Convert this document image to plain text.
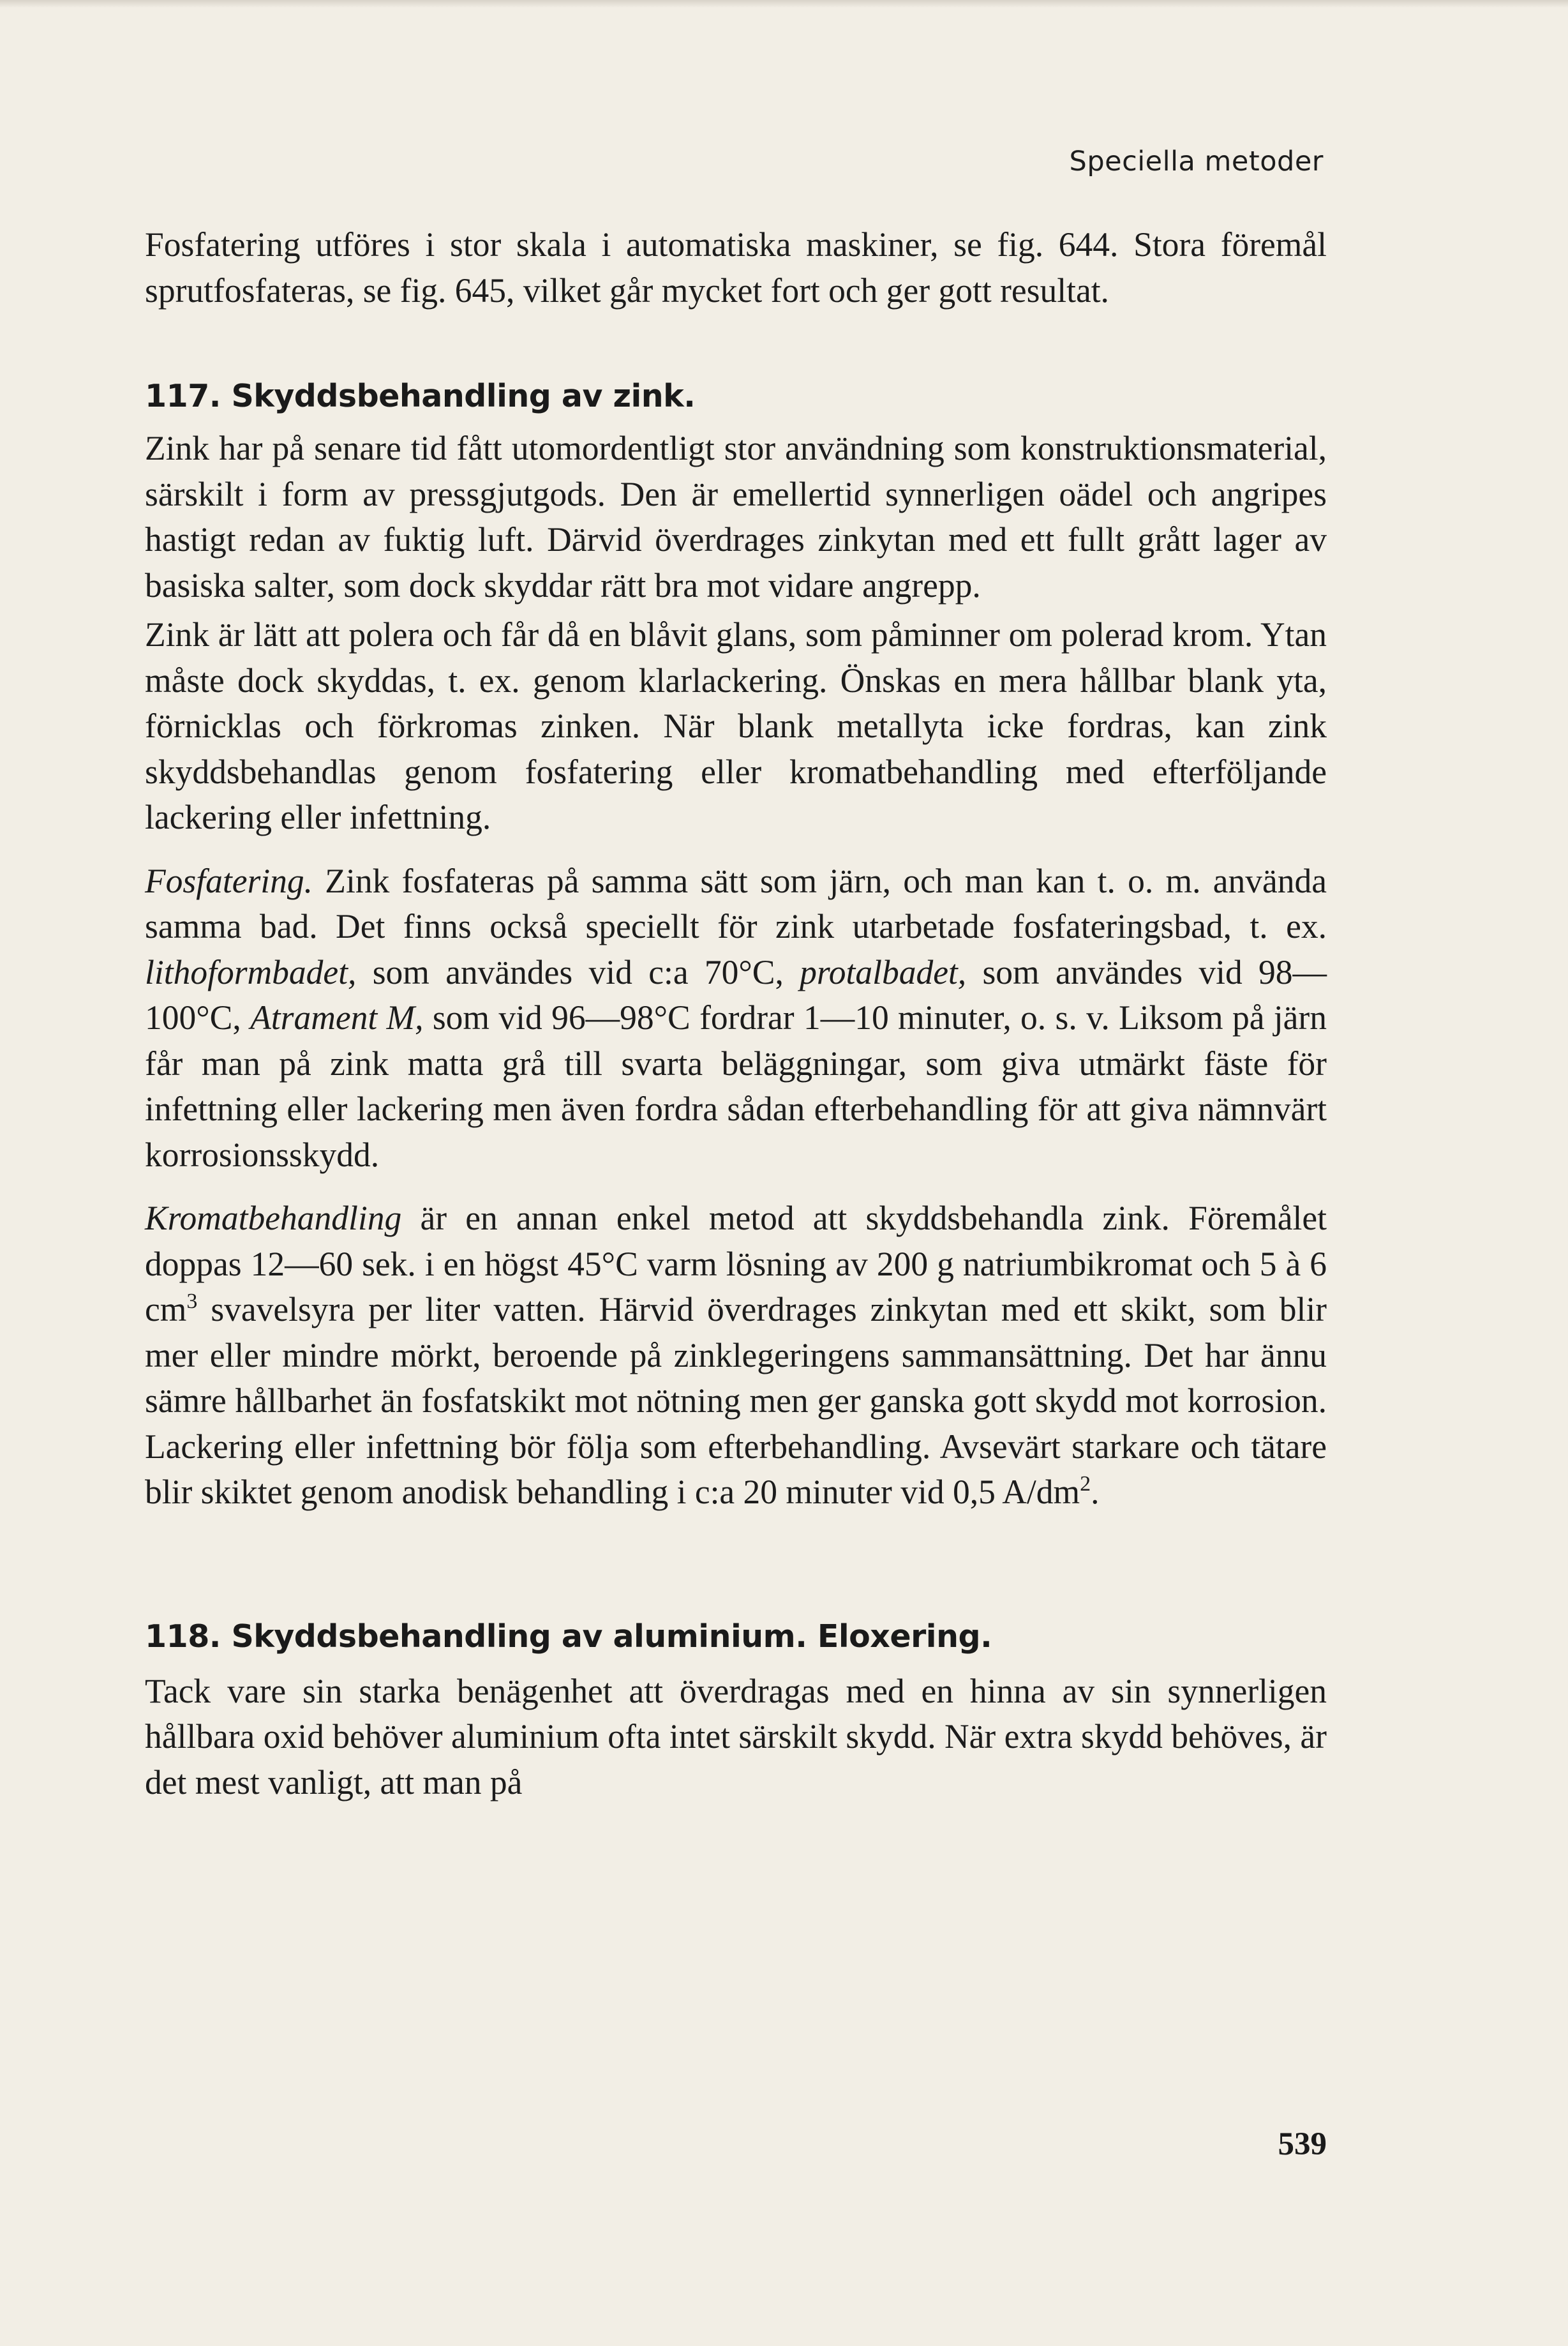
Speciella metoder

Fosfatering utföres i stor skala i automatiska maskiner, se fig. 644. Stora föremål sprutfosfateras, se fig. 645, vilket går mycket fort och ger gott resultat.

117. Skyddsbehandling av zink.

Zink har på senare tid fått utomordentligt stor användning som konstruktionsmaterial, särskilt i form av pressgjutgods. Den är emellertid synnerligen oädel och angripes hastigt redan av fuktig luft. Därvid överdrages zinkytan med ett fullt grått lager av basiska salter, som dock skyddar rätt bra mot vidare angrepp.

Zink är lätt att polera och får då en blåvit glans, som påminner om polerad krom. Ytan måste dock skyddas, t. ex. genom klarlackering. Önskas en mera hållbar blank yta, förnicklas och förkromas zinken. När blank metallyta icke fordras, kan zink skyddsbehandlas genom fosfatering eller kromatbehandling med efterföljande lackering eller infettning.

Fosfatering. Zink fosfateras på samma sätt som järn, och man kan t. o. m. använda samma bad. Det finns också speciellt för zink utarbetade fosfateringsbad, t. ex. lithoformbadet, som användes vid c:a 70°C, protalbadet, som användes vid 98—100°C, Atrament M, som vid 96—98°C fordrar 1—10 minuter, o. s. v. Liksom på järn får man på zink matta grå till svarta beläggningar, som giva utmärkt fäste för infettning eller lackering men även fordra sådan efterbehandling för att giva nämnvärt korrosionsskydd.

Kromatbehandling är en annan enkel metod att skyddsbehandla zink. Föremålet doppas 12—60 sek. i en högst 45°C varm lösning av 200 g natriumbikromat och 5 à 6 $cm^3$ svavelsyra per liter vatten. Härvid överdrages zinkytan med ett skikt, som blir mer eller mindre mörkt, beroende på zinklegeringens sammansättning. Det har ännu sämre hållbarhet än fosfatskikt mot nötning men ger ganska gott skydd mot korrosion. Lackering eller infettning bör följa som efterbehandling. Avsevärt starkare och tätare blir skiktet genom anodisk behandling i c:a 20 minuter vid 0,5 $A/dm^2$.

118. Skyddsbehandling av aluminium. Eloxering.

Tack vare sin starka benägenhet att överdragas med en hinna av sin synnerligen hållbara oxid behöver aluminium ofta intet särskilt skydd. När extra skydd behöves, är det mest vanligt, att man på

539
